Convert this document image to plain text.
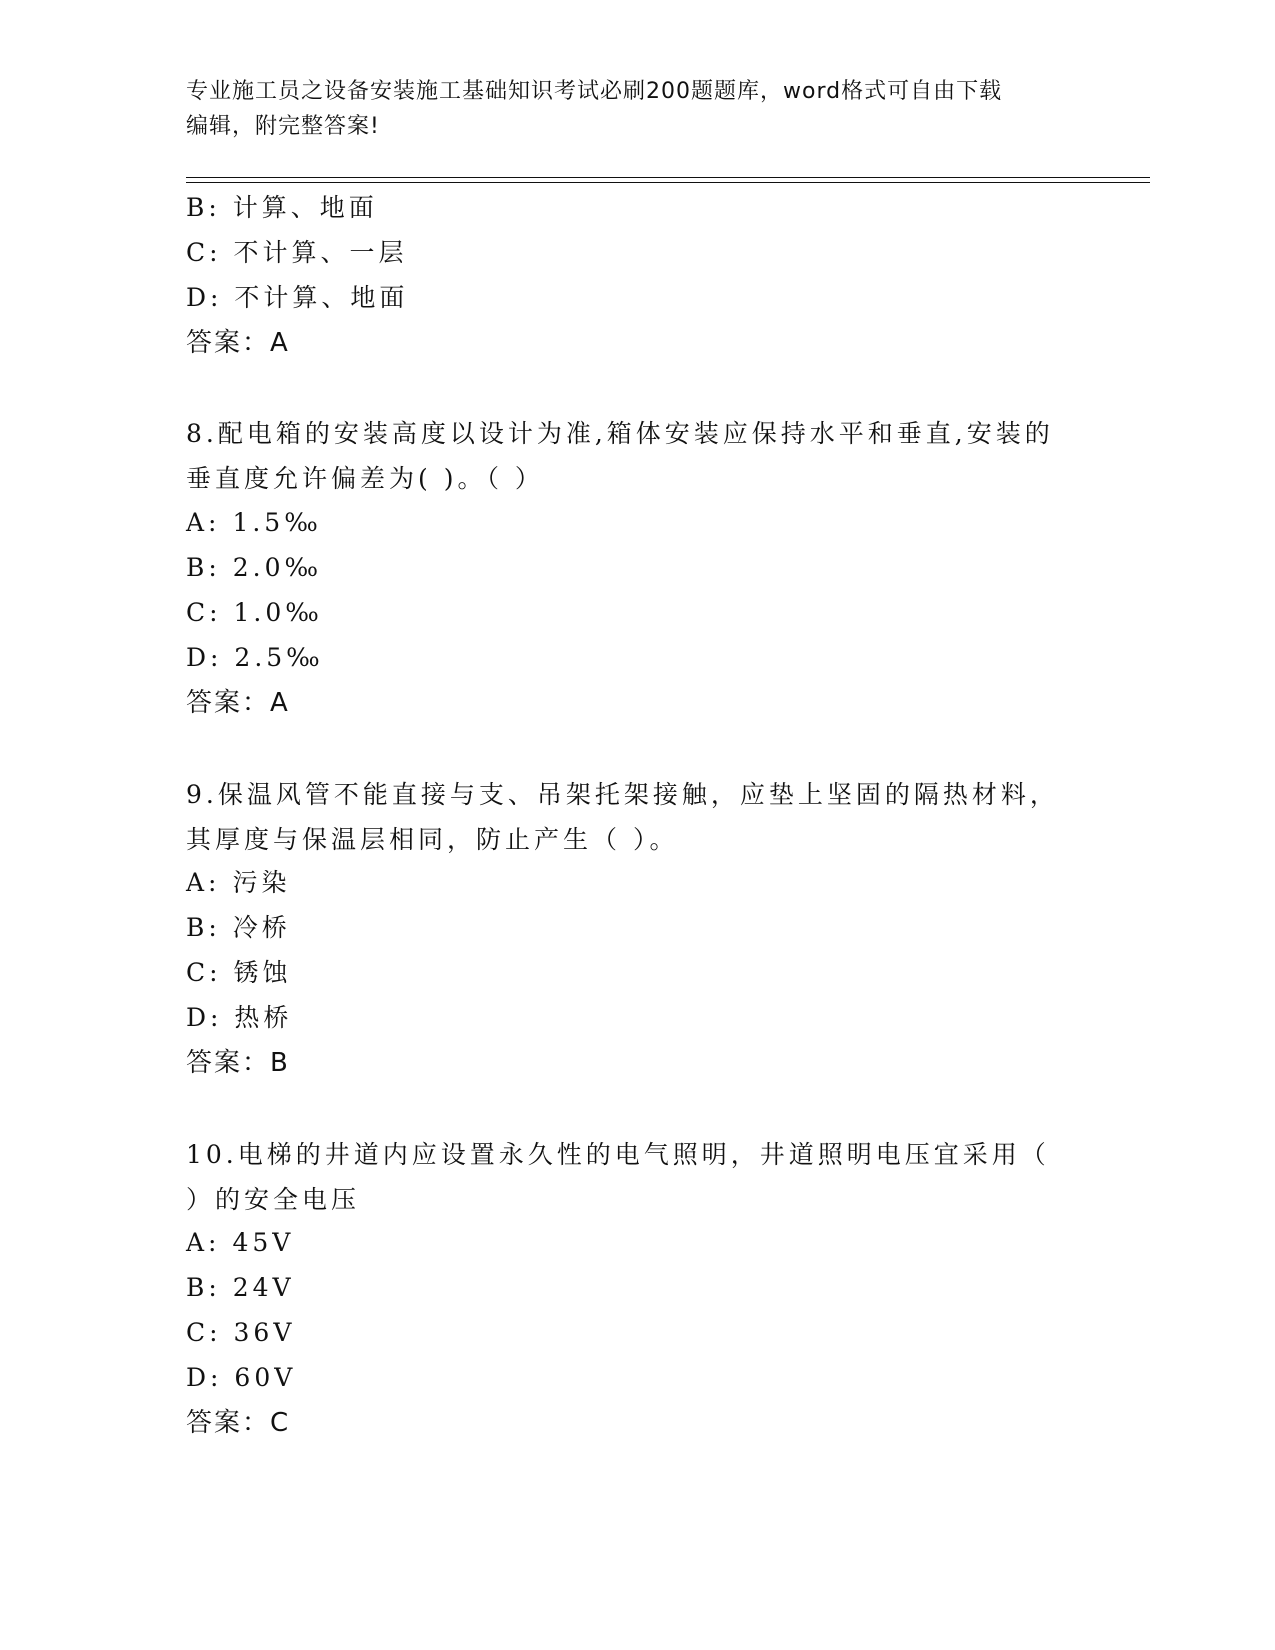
专业施工员之设备安装施工基础知识考试必刷200题题库，word格式可自由下载
编辑，附完整答案!
B: 计算、地面
C: 不计算、一层
D: 不计算、地面
答案：A
8.配电箱的安装高度以设计为准,箱体安装应保持水平和垂直,安装的
垂直度允许偏差为( )。（ ）
A: 1.5‰
B: 2.0‰
C: 1.0‰
D: 2.5‰
答案：A
9.保温风管不能直接与支、吊架托架接触，应垫上坚固的隔热材料，
其厚度与保温层相同，防止产生（ ）。
A: 污染
B: 冷桥
C: 锈蚀
D: 热桥
答案：B
10.电梯的井道内应设置永久性的电气照明，井道照明电压宜采用（
）的安全电压
A: 45V
B: 24V
C: 36V
D: 60V
答案：C
